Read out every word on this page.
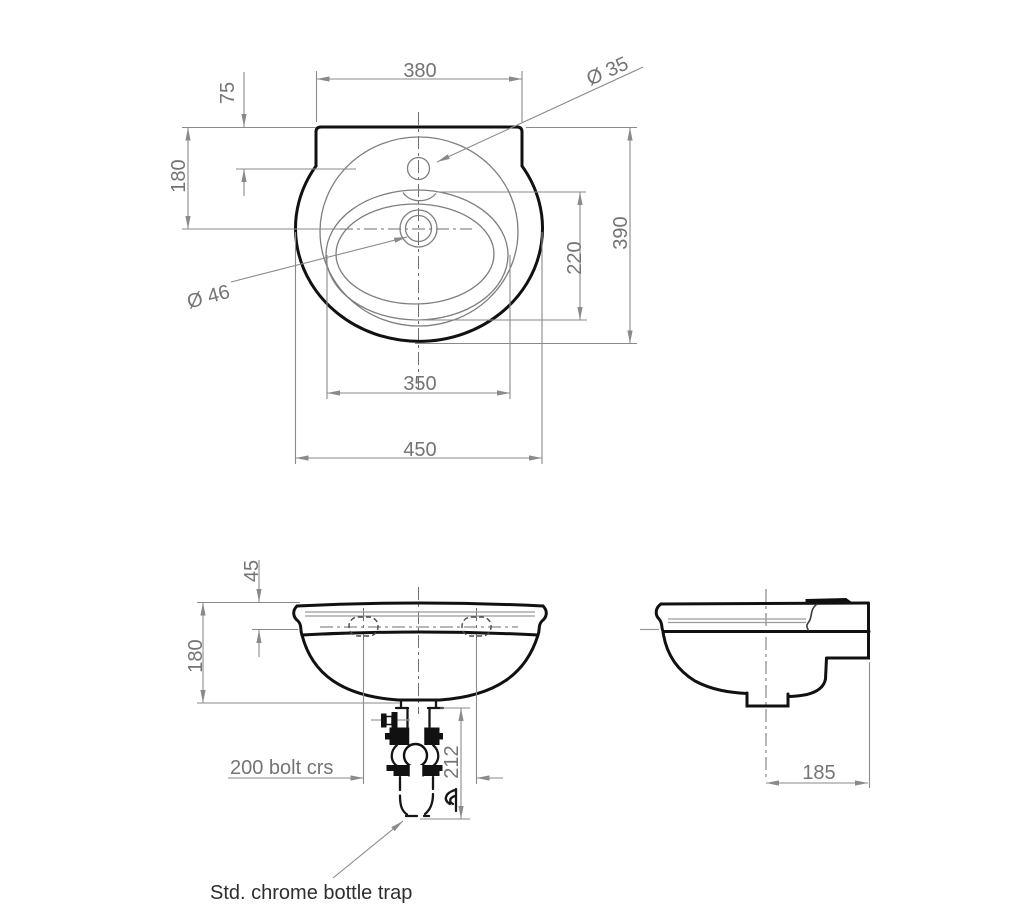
380
75
180
390
220
350
450
Ø 35
Ø 46
45
180
200 bolt crs	212
Std. chrome bottle trap
185
